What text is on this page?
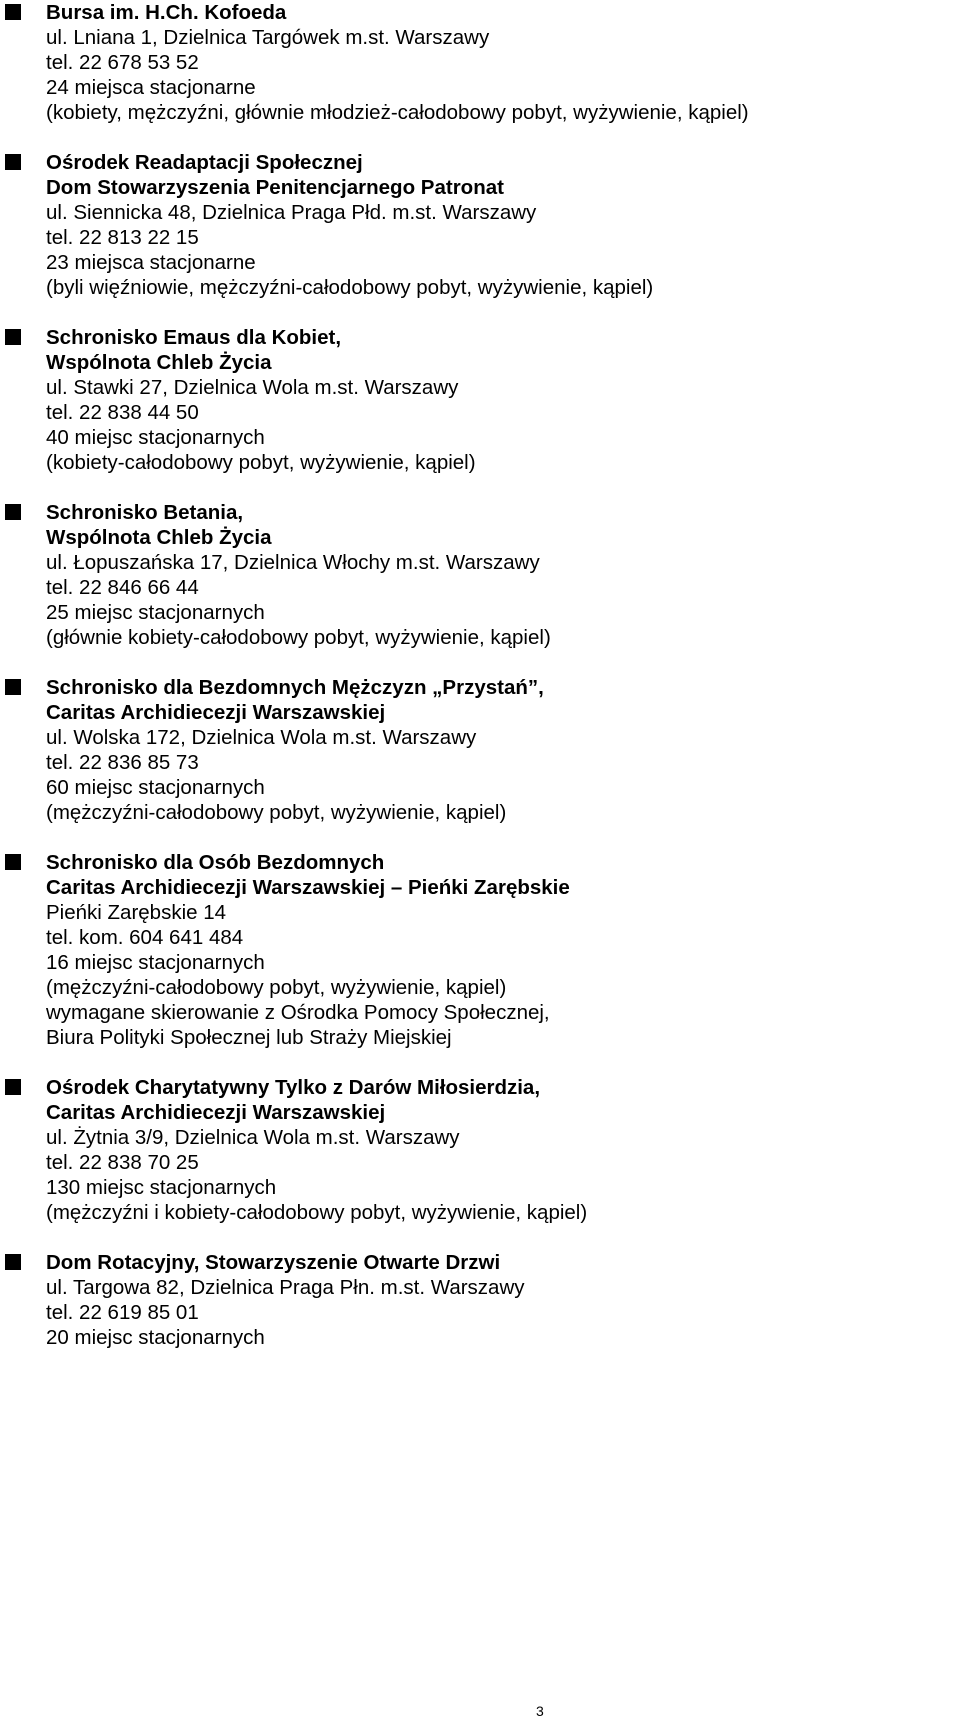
Bursa im. H.Ch. Kofoeda
ul. Lniana 1, Dzielnica Targówek m.st. Warszawy
tel. 22 678 53 52
24 miejsca stacjonarne
(kobiety, mężczyźni, głównie młodzież-całodobowy pobyt, wyżywienie, kąpiel)
Ośrodek Readaptacji Społecznej
Dom Stowarzyszenia Penitencjarnego Patronat
ul. Siennicka 48, Dzielnica Praga Płd. m.st. Warszawy
tel. 22 813 22 15
23 miejsca stacjonarne
(byli więźniowie, mężczyźni-całodobowy pobyt, wyżywienie, kąpiel)
Schronisko Emaus dla Kobiet,
Wspólnota Chleb Życia
ul. Stawki 27, Dzielnica Wola m.st. Warszawy
tel. 22 838 44 50
40 miejsc stacjonarnych
(kobiety-całodobowy pobyt, wyżywienie, kąpiel)
Schronisko Betania,
Wspólnota Chleb Życia
ul. Łopuszańska 17, Dzielnica Włochy m.st. Warszawy
tel. 22 846 66 44
25 miejsc stacjonarnych
(głównie kobiety-całodobowy pobyt, wyżywienie, kąpiel)
Schronisko dla Bezdomnych Mężczyzn „Przystań”,
Caritas Archidiecezji Warszawskiej
ul. Wolska 172, Dzielnica Wola m.st. Warszawy
tel. 22 836 85 73
60 miejsc stacjonarnych
(mężczyźni-całodobowy pobyt, wyżywienie, kąpiel)
Schronisko dla Osób Bezdomnych
Caritas Archidiecezji Warszawskiej – Pieńki Zarębskie
Pieńki Zarębskie 14
tel. kom. 604 641 484
16 miejsc stacjonarnych
(mężczyźni-całodobowy pobyt, wyżywienie, kąpiel)
wymagane skierowanie z Ośrodka Pomocy Społecznej,
Biura Polityki Społecznej lub Straży Miejskiej
Ośrodek Charytatywny Tylko z Darów Miłosierdzia,
Caritas Archidiecezji Warszawskiej
ul. Żytnia 3/9, Dzielnica Wola m.st. Warszawy
tel. 22 838 70 25
130 miejsc stacjonarnych
(mężczyźni i kobiety-całodobowy pobyt, wyżywienie, kąpiel)
Dom Rotacyjny, Stowarzyszenie Otwarte Drzwi
ul. Targowa 82, Dzielnica Praga Płn. m.st. Warszawy
tel. 22 619 85 01
20 miejsc stacjonarnych
3
